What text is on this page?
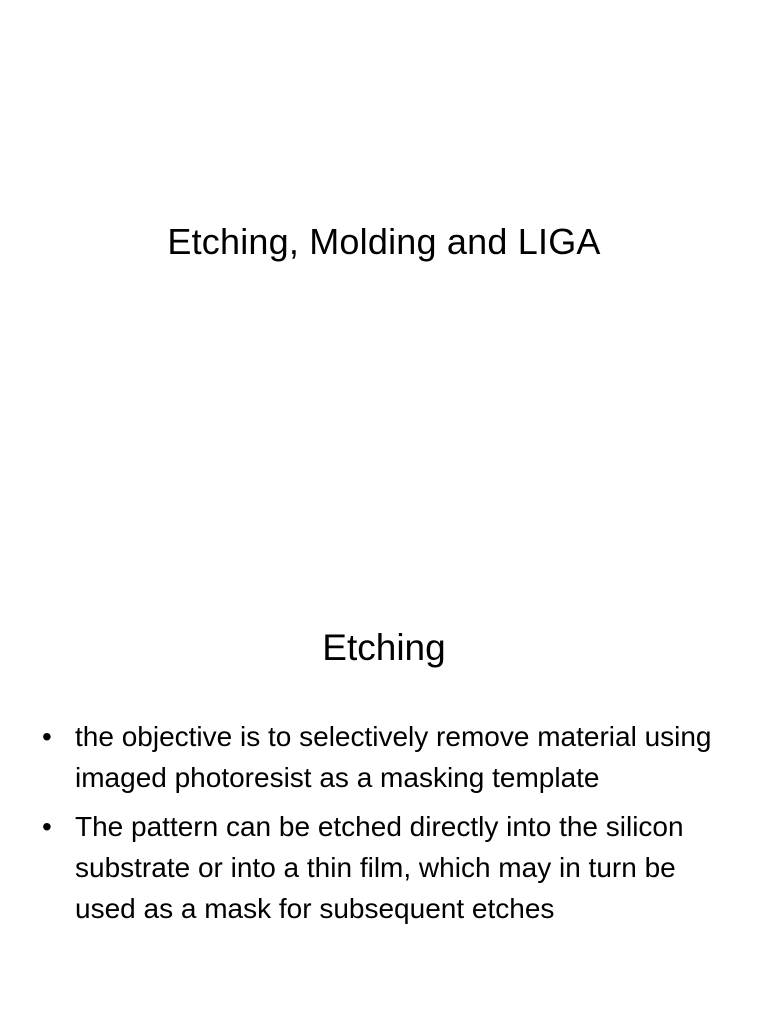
Etching, Molding and LIGA
Etching
• the objective is to selectively remove material using imaged photoresist as a masking template
• The pattern can be etched directly into the silicon substrate or into a thin film, which may in turn be used as a mask for subsequent etches
